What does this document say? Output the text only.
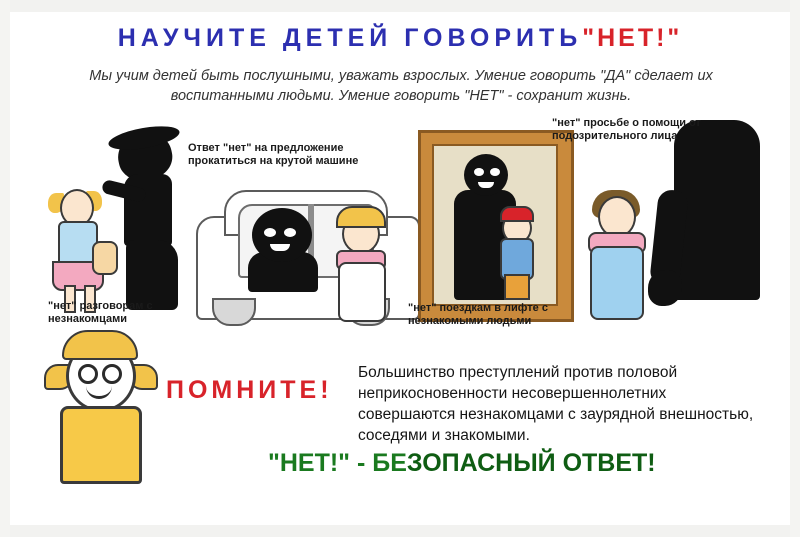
НАУЧИТЕ ДЕТЕЙ ГОВОРИТЬ"НЕТ!"
Мы учим детей быть послушными, уважать взрослых. Умение говорить "ДА" сделает их воспитанными людьми. Умение говорить "НЕТ" - сохранит жизнь.
Ответ "нет" на предложение прокатиться на крутой машине
"нет" просьбе о помощи от подозрительного лица
"нет" разговорам с незнакомцами
"нет" поездкам в лифте с незнакомыми людьми
ПОМНИТЕ!
Большинство преступлений против половой неприкосновенности несовершеннолетних совершаются незнакомцами с заурядной внешностью, соседями и знакомыми.
"НЕТ!" - БЕЗОПАСНЫЙ ОТВЕТ!
